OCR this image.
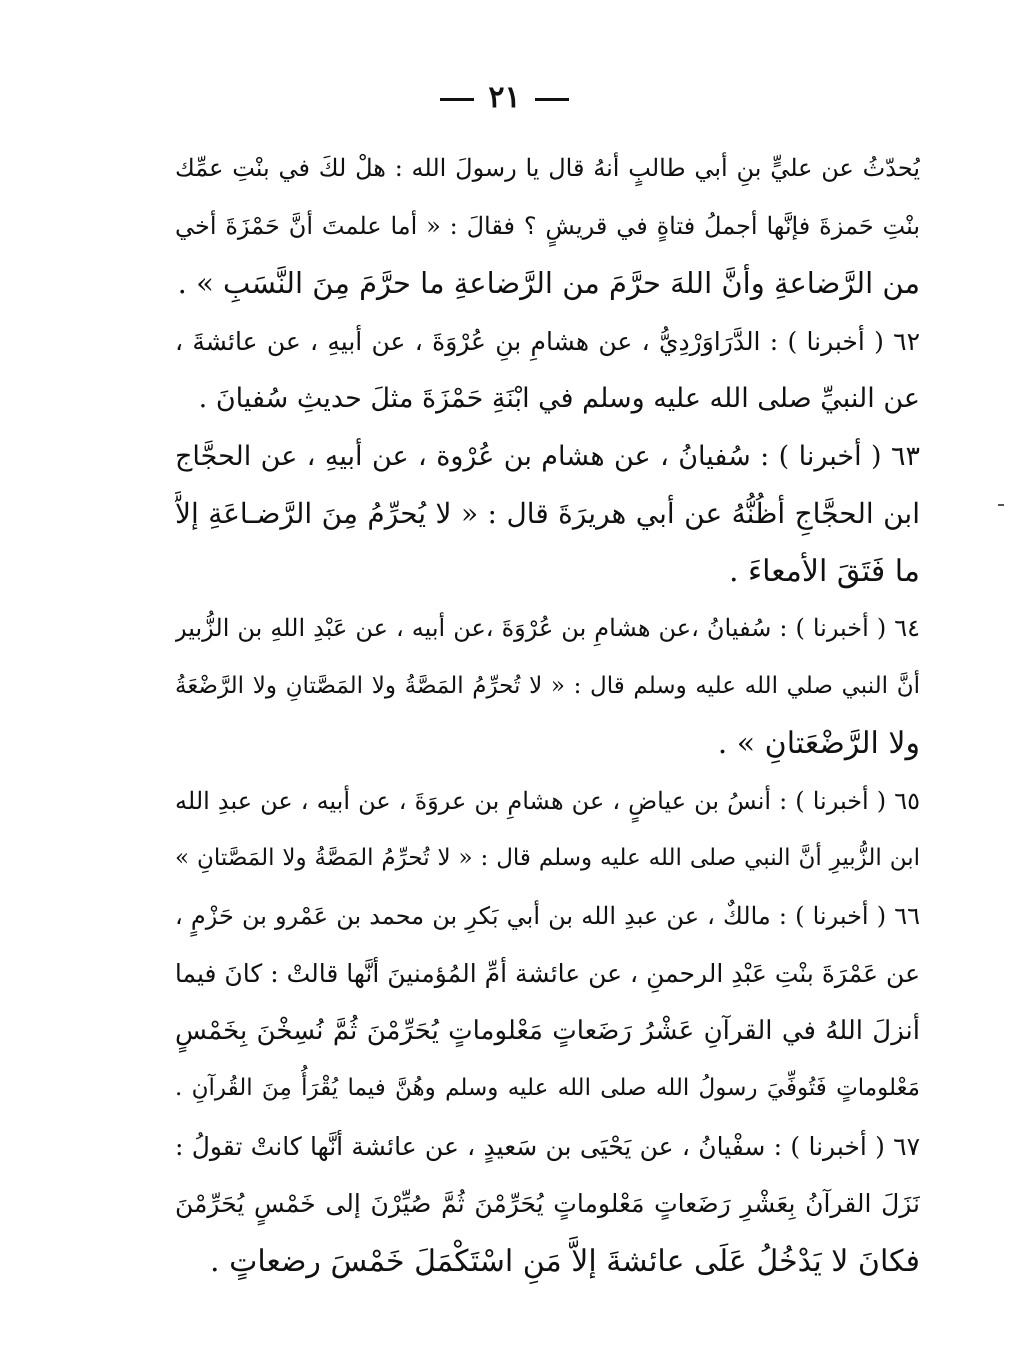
٢١
يُحدّثُ عن عليٍّ بنِ أبي طالبٍ أنهُ قال يا رسولَ الله : هلْ لكَ في بنْتِ عمِّك
بنْتِ حَمزةَ فإنَّها أجملُ فتاةٍ في قريشٍ ؟ فقالَ : « أما علمتَ أنَّ حَمْزَةَ أخي
من الرَّضاعةِ وأنَّ اللهَ حرَّمَ من الرَّضاعةِ ما حرَّمَ مِنَ النَّسَبِ » .
٦٢ ( أخبرنا ) : الدَّرَاوَرْدِيُّ ، عن هشامِ بنِ عُرْوَةَ ، عن أبيهِ ، عن عائشةَ ،
عن النبيِّ صلى الله عليه وسلم في ابْنَةِ حَمْزَةَ مثلَ حديثِ سُفيانَ .
٦٣ ( أخبرنا ) : سُفيانُ ، عن هشام بن عُرْوة ، عن أبيهِ ، عن الحجَّاج
ابن الحجَّاجِ أظُنُّهُ عن أبي هريرَةَ قال : « لا يُحرِّمُ مِنَ الرَّضـاعَةِ إلاَّ
ما فَتَقَ الأمعاءَ .
٦٤ ( أخبرنا ) : سُفيانُ ،عن هشامِ بن عُرْوَةَ ،عن أبيه ، عن عَبْدِ اللهِ بن الزُّبير
أنَّ النبي صلي الله عليه وسلم قال : « لا تُحرِّمُ المَصَّةُ ولا المَصَّتانِ ولا الرَّضْعَةُ
ولا الرَّضْعَتانِ » .
٦٥ ( أخبرنا ) : أنسُ بن عياضٍ ، عن هشامِ بن عروَةَ ، عن أبيه ، عن عبدِ الله
ابن الزُّبيرِ أنَّ النبي صلى الله عليه وسلم قال : « لا تُحرِّمُ المَصَّةُ ولا المَصَّتانِ »
٦٦ ( أخبرنا ) : مالكٌ ، عن عبدِ الله بن أبي بَكرِ بن محمد بن عَمْرو بن حَزْمٍ ،
عن عَمْرَةَ بنْتِ عَبْدِ الرحمنِ ، عن عائشة أمِّ المُؤمنينَ أنَّها قالتْ : كانَ فيما
أنزلَ اللهُ في القرآنِ عَشْرُ رَضَعاتٍ مَعْلوماتٍ يُحَرِّمْنَ ثُمَّ نُسِخْنَ بِخَمْسٍ
مَعْلوماتٍ فَتُوفِّيَ رسولُ الله صلى الله عليه وسلم وهُنَّ فيما يُقْرَأُ مِنَ القُرآنِ .
٦٧ ( أخبرنا ) : سفْيانُ ، عن يَحْيَى بن سَعيدٍ ، عن عائشة أنَّها كانتْ تقولُ :
نَزَلَ القرآنُ بِعَشْرِ رَضَعاتٍ مَعْلوماتٍ يُحَرِّمْنَ ثُمَّ صُيِّرْنَ إلى خَمْسٍ يُحَرِّمْنَ
فكانَ لا يَدْخُلُ عَلَى عائشةَ إلاَّ مَنِ اسْتَكْمَلَ خَمْسَ رضعاتٍ .
